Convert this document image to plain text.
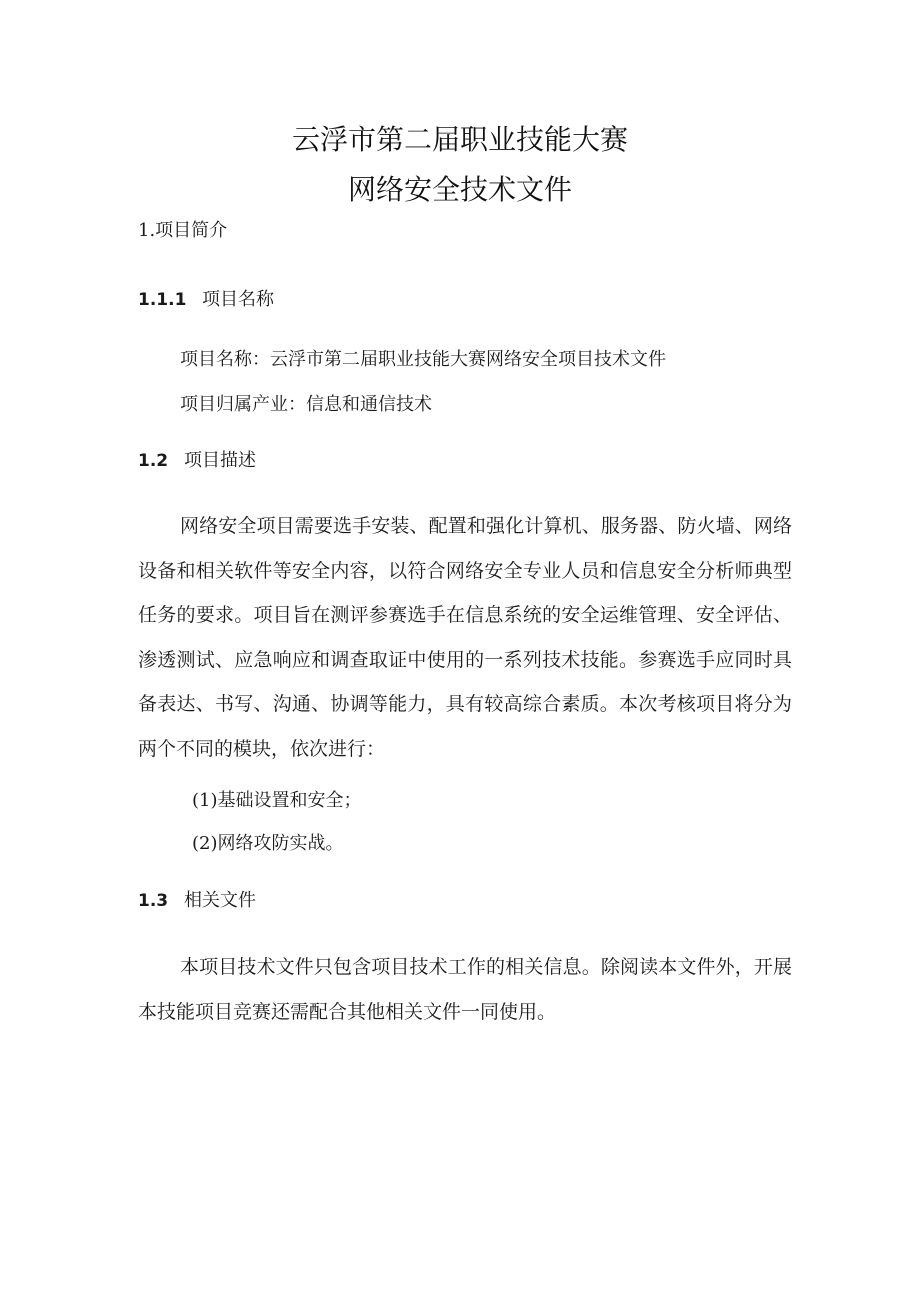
云浮市第二届职业技能大赛
网络安全技术文件
1.项目简介
1.1.1 项目名称
项目名称：云浮市第二届职业技能大赛网络安全项目技术文件
项目归属产业：信息和通信技术
1.2 项目描述

网络安全项目需要选手安装、配置和强化计算机、服务器、防火墙、网络设备和相关软件等安全内容，以符合网络安全专业人员和信息安全分析师典型任务的要求。项目旨在测评参赛选手在信息系统的安全运维管理、安全评估、渗透测试、应急响应和调查取证中使用的一系列技术技能。参赛选手应同时具备表达、书写、沟通、协调等能力，具有较高综合素质。本次考核项目将分为两个不同的模块，依次进行：

(1)基础设置和安全；
(2)网络攻防实战。
1.3 相关文件

本项目技术文件只包含项目技术工作的相关信息。除阅读本文件外，开展本技能项目竞赛还需配合其他相关文件一同使用。
